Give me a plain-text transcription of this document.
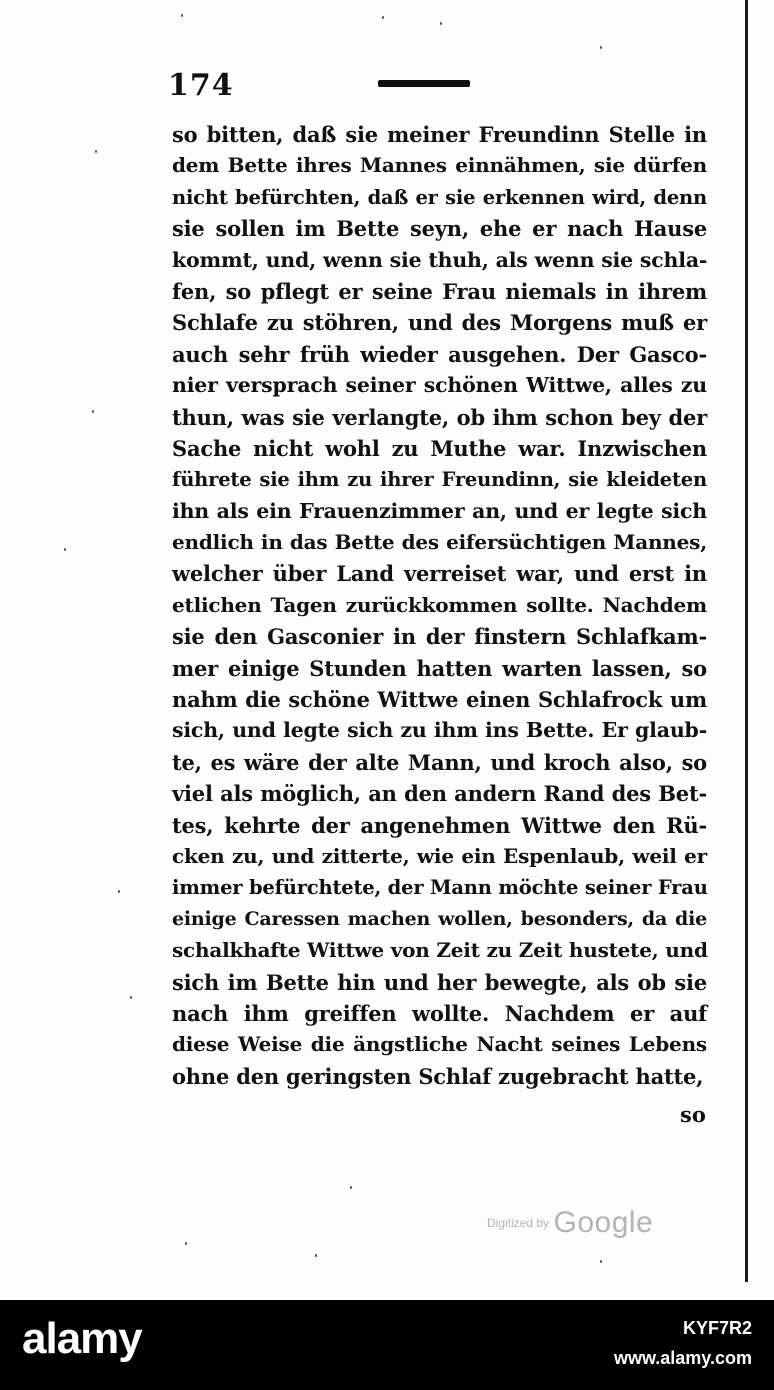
174
so bitten, daß sie meiner Freundinn Stelle in
dem Bette ihres Mannes einnähmen, sie dürfen
nicht befürchten, daß er sie erkennen wird, denn
sie sollen im Bette seyn, ehe er nach Hause
kommt, und, wenn sie thuh, als wenn sie schla-
fen, so pflegt er seine Frau niemals in ihrem
Schlafe zu stöhren, und des Morgens muß er
auch sehr früh wieder ausgehen. Der Gasco-
nier versprach seiner schönen Wittwe, alles zu
thun, was sie verlangte, ob ihm schon bey der
Sache nicht wohl zu Muthe war. Inzwischen
führete sie ihm zu ihrer Freundinn, sie kleideten
ihn als ein Frauenzimmer an, und er legte sich
endlich in das Bette des eifersüchtigen Mannes,
welcher über Land verreiset war, und erst in
etlichen Tagen zurückkommen sollte. Nachdem
sie den Gasconier in der finstern Schlafkam-
mer einige Stunden hatten warten lassen, so
nahm die schöne Wittwe einen Schlafrock um
sich, und legte sich zu ihm ins Bette. Er glaub-
te, es wäre der alte Mann, und kroch also, so
viel als möglich, an den andern Rand des Bet-
tes, kehrte der angenehmen Wittwe den Rü-
cken zu, und zitterte, wie ein Espenlaub, weil er
immer befürchtete, der Mann möchte seiner Frau
einige Caressen machen wollen, besonders, da die
schalkhafte Wittwe von Zeit zu Zeit hustete, und
sich im Bette hin und her bewegte, als ob sie
nach ihm greiffen wollte. Nachdem er auf
diese Weise die ängstliche Nacht seines Lebens
ohne den geringsten Schlaf zugebracht hatte,
so
Digitized by Google
alamy	KYF7R2
www.alamy.com
